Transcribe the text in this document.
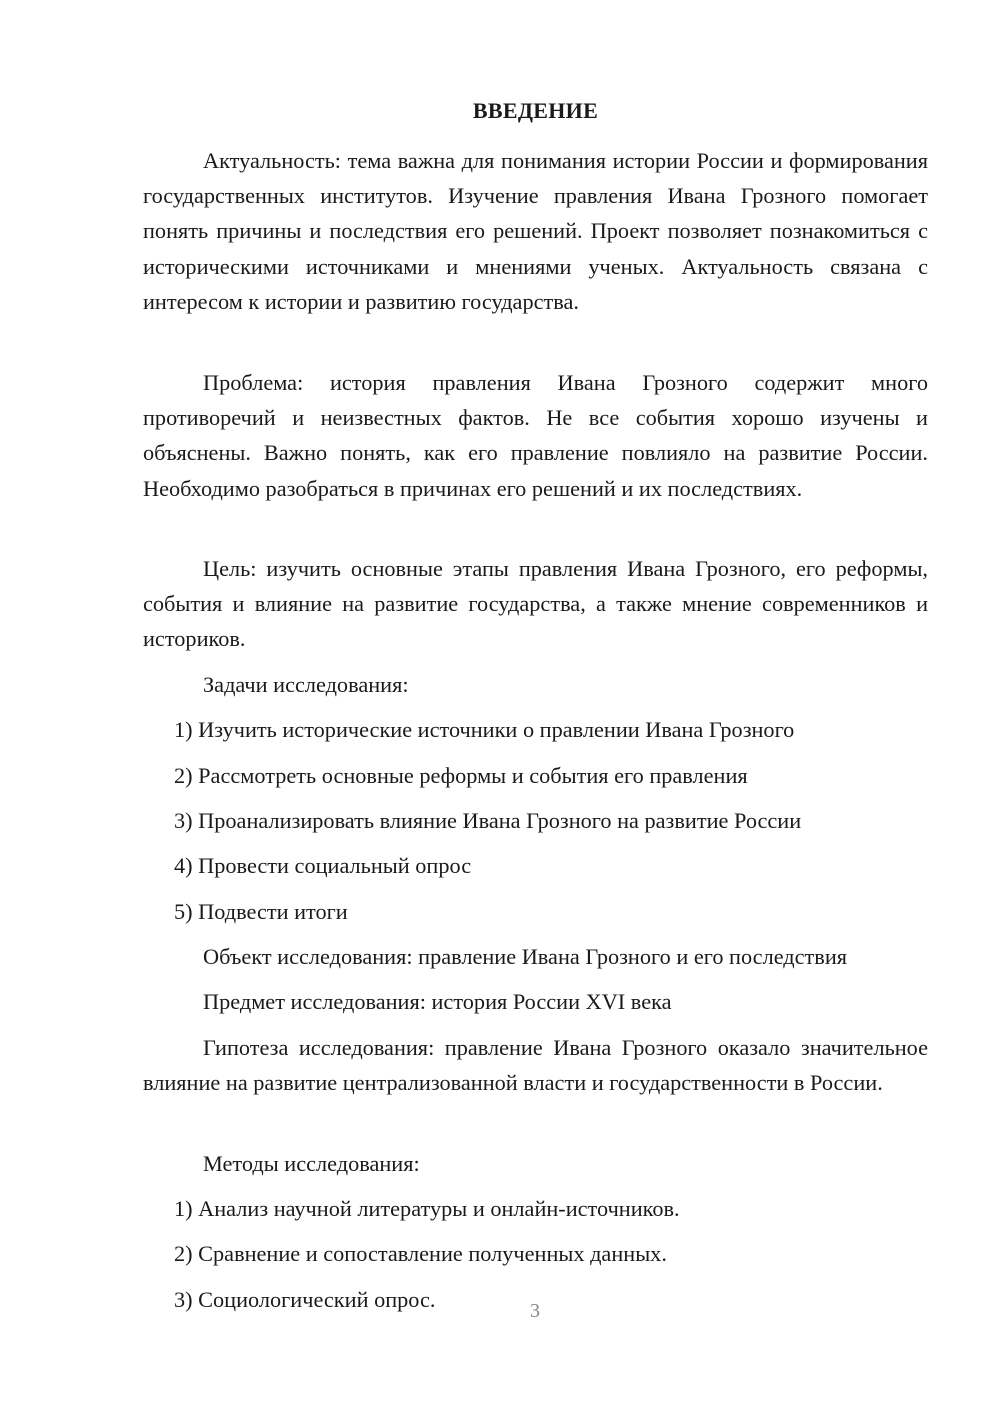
ВВЕДЕНИЕ

Актуальность: тема важна для понимания истории России и формирования государственных институтов. Изучение правления Ивана Грозного помогает понять причины и последствия его решений. Проект позволяет познакомиться с историческими источниками и мнениями ученых. Актуальность связана с интересом к истории и развитию государства.

Проблема: история правления Ивана Грозного содержит много противоречий и неизвестных фактов. Не все события хорошо изучены и объяснены. Важно понять, как его правление повлияло на развитие России. Необходимо разобраться в причинах его решений и их последствиях.

Цель: изучить основные этапы правления Ивана Грозного, его реформы, события и влияние на развитие государства, а также мнение современников и историков.

Задачи исследования:
1) Изучить исторические источники о правлении Ивана Грозного
2) Рассмотреть основные реформы и события его правления
3) Проанализировать влияние Ивана Грозного на развитие России
4) Провести социальный опрос
5) Подвести итоги
Объект исследования: правление Ивана Грозного и его последствия
Предмет исследования: история России XVI века

Гипотеза исследования: правление Ивана Грозного оказало значительное влияние на развитие централизованной власти и государственности в России.

Методы исследования:
1) Анализ научной литературы и онлайн-источников.
2) Сравнение и сопоставление полученных данных.
3) Социологический опрос.	3
